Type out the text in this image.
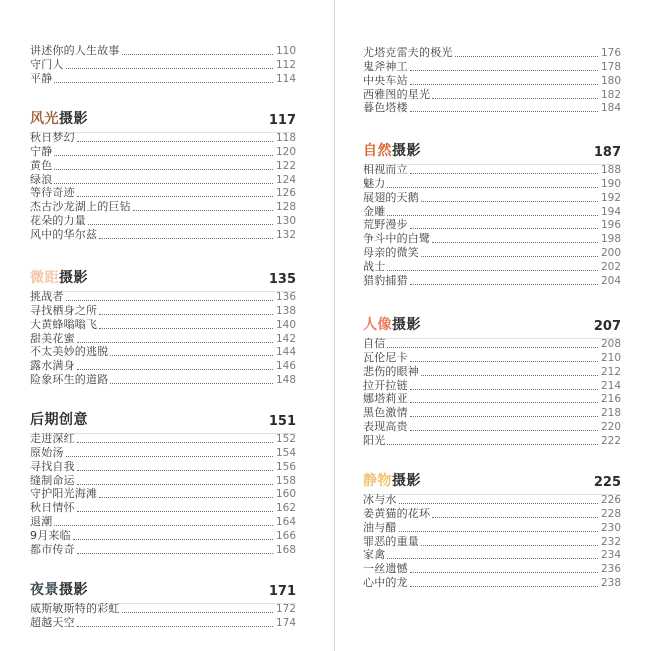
讲述你的人生故事	110
守门人	112
平静	114
风光摄影	117
秋日梦幻	118
宁静	120
黄色	122
绿浪	124
等待奇迹	126
杰古沙龙湖上的巨钻	128
花朵的力量	130
风中的华尔兹	132
微距摄影	135
挑战者	136
寻找栖身之所	138
大黄蜂嗡嗡飞	140
甜美花蜜	142
不太美妙的逃脱	144
露水满身	146
险象环生的道路	148
后期创意	151
走进深红	152
原始汤	154
寻找自我	156
缝制命运	158
守护阳光海滩	160
秋日情怀	162
退潮	164
9月来临	166
都市传奇	168
夜景摄影	171
威斯敏斯特的彩虹	172
超越天空	174
尤塔克雷夫的极光	176
鬼斧神工	178
中央车站	180
西雅图的星光	182
暮色塔楼	184
自然摄影	187
相视而立	188
魅力	190
展翅的天鹅	192
金雕	194
荒野漫步	196
争斗中的白鹭	198
母亲的微笑	200
战士	202
猎豹捕猎	204
人像摄影	207
自信	208
瓦伦尼卡	210
悲伤的眼神	212
拉开拉链	214
娜塔莉亚	216
黑色激情	218
表现高贵	220
阳光	222
静物摄影	225
冰与水	226
姜黄猫的花环	228
油与醋	230
罪恶的重量	232
家禽	234
一丝遗憾	236
心中的龙	238
